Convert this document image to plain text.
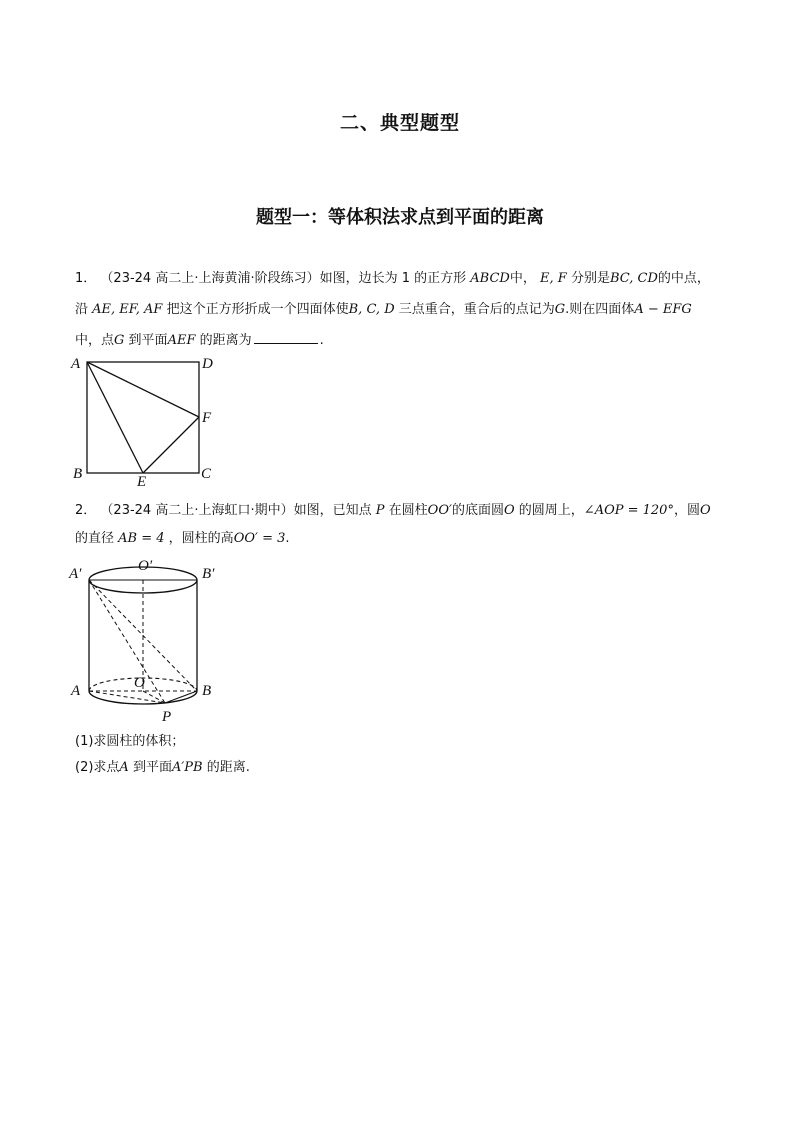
二、典型题型
题型一：等体积法求点到平面的距离
1． （23-24 高二上·上海黄浦·阶段练习）如图，边长为 1 的正方形 ABCD中， E, F 分别是BC, CD的中点，
沿 AE, EF, AF 把这个正方形折成一个四面体使B, C, D 三点重合，重合后的点记为G.则在四面体A − EFG
中，点G 到平面AEF 的距离为	.
A	D
F
B	C
E
2． （23-24 高二上·上海虹口·期中）如图，已知点 P 在圆柱OO′的底面圆O 的圆周上，∠AOP = 120°，圆O
的直径 AB = 4 ，圆柱的高OO′ = 3.
A′	O′	B′
A	O	B
P
(1)求圆柱的体积；
(2)求点A 到平面A′PB 的距离.
